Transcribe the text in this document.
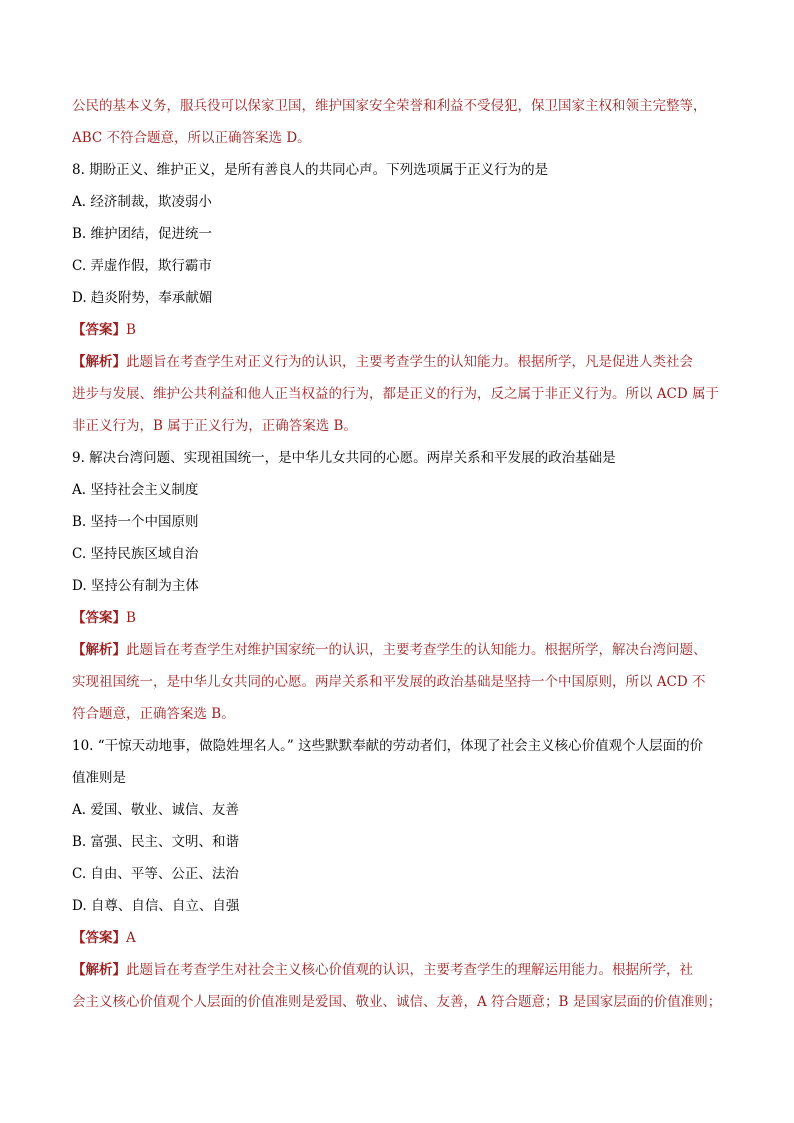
公民的基本义务，服兵役可以保家卫国，维护国家安全荣誉和利益不受侵犯，保卫国家主权和领主完整等，
ABC 不符合题意，所以正确答案选 D。
8. 期盼正义、维护正义，是所有善良人的共同心声。下列选项属于正义行为的是
A. 经济制裁，欺凌弱小
B. 维护团结，促进统一
C. 弄虚作假，欺行霸市
D. 趋炎附势，奉承献媚
【答案】B
【解析】此题旨在考查学生对正义行为的认识，主要考查学生的认知能力。根据所学，凡是促进人类社会
进步与发展、维护公共利益和他人正当权益的行为，都是正义的行为，反之属于非正义行为。所以 ACD 属于
非正义行为，B 属于正义行为，正确答案选 B。
9. 解决台湾问题、实现祖国统一，是中华儿女共同的心愿。两岸关系和平发展的政治基础是
A. 坚持社会主义制度
B. 坚持一个中国原则
C. 坚持民族区域自治
D. 坚持公有制为主体
【答案】B
【解析】此题旨在考查学生对维护国家统一的认识，主要考查学生的认知能力。根据所学，解决台湾问题、
实现祖国统一，是中华儿女共同的心愿。两岸关系和平发展的政治基础是坚持一个中国原则，所以 ACD 不
符合题意，正确答案选 B。
10. “干惊天动地事，做隐姓埋名人。” 这些默默奉献的劳动者们，体现了社会主义核心价值观个人层面的价
值准则是
A. 爱国、敬业、诚信、友善
B. 富强、民主、文明、和谐
C. 自由、平等、公正、法治
D. 自尊、自信、自立、自强
【答案】A
【解析】此题旨在考查学生对社会主义核心价值观的认识，主要考查学生的理解运用能力。根据所学，社
会主义核心价值观个人层面的价值准则是爱国、敬业、诚信、友善，A 符合题意；B 是国家层面的价值准则；
